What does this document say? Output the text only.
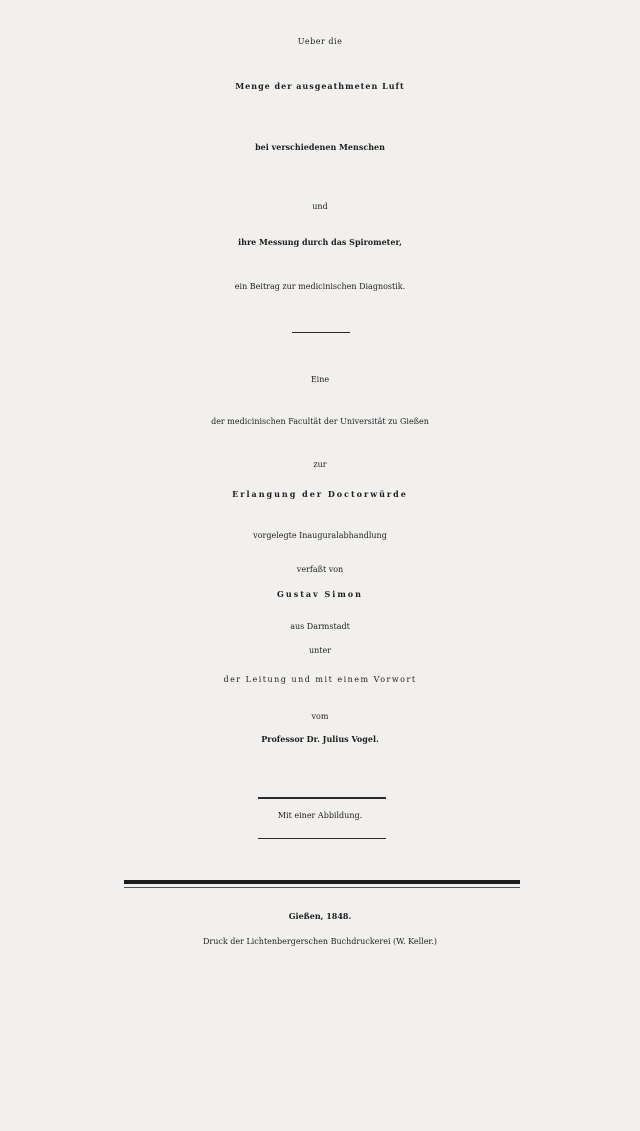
Ueber die
Menge der ausgeathmeten Luft
bei verschiedenen Menschen
und
ihre Messung durch das Spirometer,
ein Beitrag zur medicinischen Diagnostik.
Eine
der medicinischen Facultät der Universität zu Gießen
zur
Erlangung der Doctorwürde
vorgelegte Inauguralabhandlung
verfaßt von
Gustav Simon
aus Darmstadt
unter
der Leitung und mit einem Vorwort
vom
Professor Dr. Julius Vogel.
Mit einer Abbildung.
Gießen, 1848.
Druck der Lichtenbergerschen Buchdruckerei (W. Keller.)
